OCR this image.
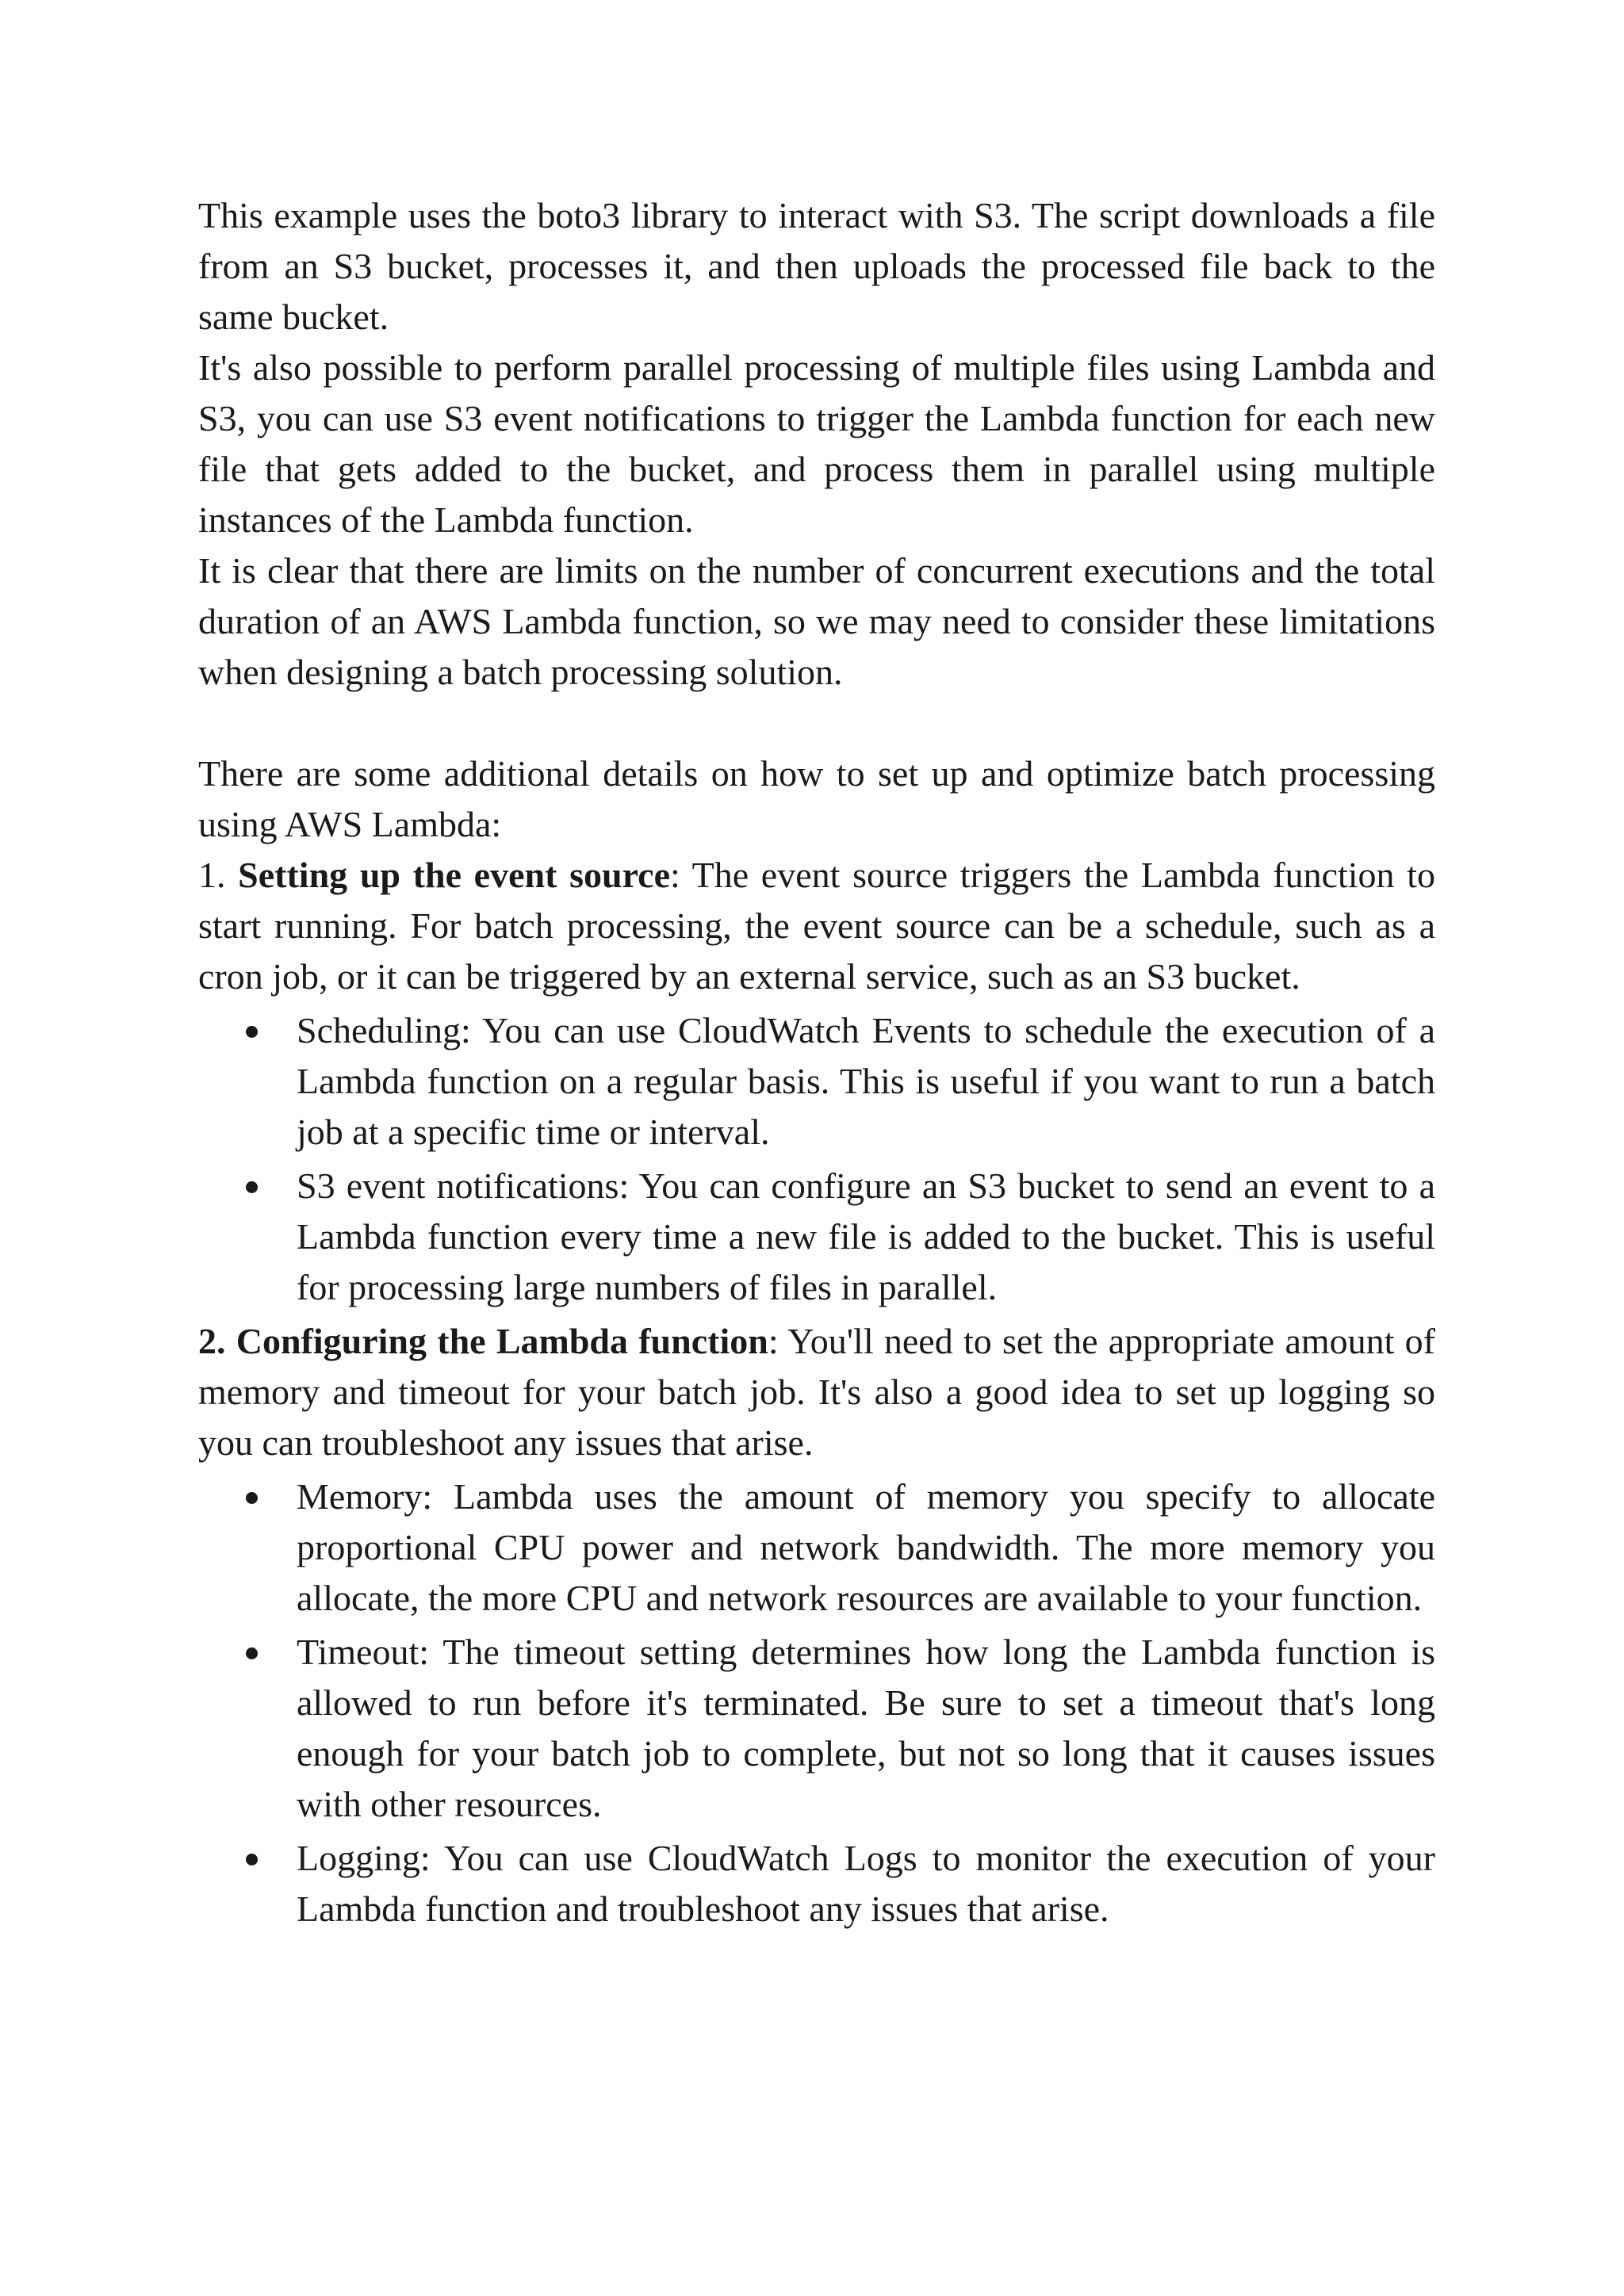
This example uses the boto3 library to interact with S3. The script downloads a file from an S3 bucket, processes it, and then uploads the processed file back to the same bucket.

It's also possible to perform parallel processing of multiple files using Lambda and S3, you can use S3 event notifications to trigger the Lambda function for each new file that gets added to the bucket, and process them in parallel using multiple instances of the Lambda function.

It is clear that there are limits on the number of concurrent executions and the total duration of an AWS Lambda function, so we may need to consider these limitations when designing a batch processing solution.

There are some additional details on how to set up and optimize batch processing using AWS Lambda:

1. Setting up the event source: The event source triggers the Lambda function to start running. For batch processing, the event source can be a schedule, such as a cron job, or it can be triggered by an external service, such as an S3 bucket.

Scheduling: You can use CloudWatch Events to schedule the execution of a Lambda function on a regular basis. This is useful if you want to run a batch job at a specific time or interval.
S3 event notifications: You can configure an S3 bucket to send an event to a Lambda function every time a new file is added to the bucket. This is useful for processing large numbers of files in parallel.

2. Configuring the Lambda function: You'll need to set the appropriate amount of memory and timeout for your batch job. It's also a good idea to set up logging so you can troubleshoot any issues that arise.

Memory: Lambda uses the amount of memory you specify to allocate proportional CPU power and network bandwidth. The more memory you allocate, the more CPU and network resources are available to your function.
Timeout: The timeout setting determines how long the Lambda function is allowed to run before it's terminated. Be sure to set a timeout that's long enough for your batch job to complete, but not so long that it causes issues with other resources.
Logging: You can use CloudWatch Logs to monitor the execution of your Lambda function and troubleshoot any issues that arise.
